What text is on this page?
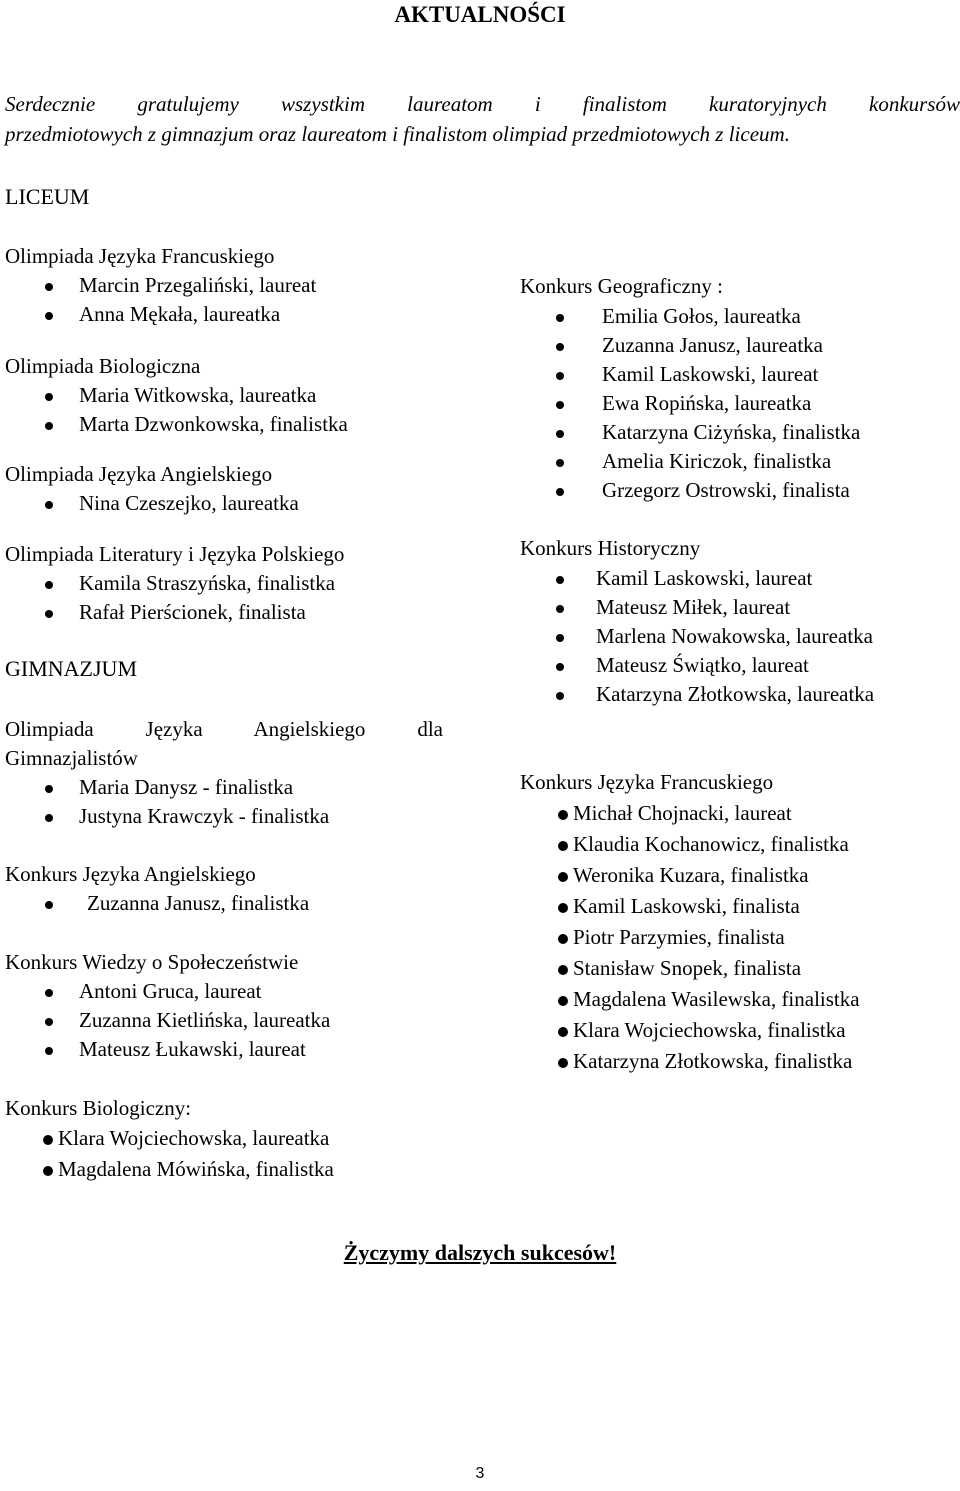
AKTUALNOŚCI
Serdecznie gratulujemy wszystkim laureatom i finalistom kuratoryjnych konkursów
przedmiotowych z gimnazjum oraz laureatom i finalistom olimpiad przedmiotowych z liceum.
LICEUM
Olimpiada Języka Francuskiego
Marcin Przegaliński, laureat
Anna Mękała, laureatka
Olimpiada Biologiczna
Maria Witkowska, laureatka
Marta Dzwonkowska, finalistka
Olimpiada Języka Angielskiego
Nina Czeszejko, laureatka
Olimpiada Literatury i Języka Polskiego
Kamila Straszyńska, finalistka
Rafał Pierścionek, finalista
GIMNAZJUM
Olimpiada Języka Angielskiego dla
Gimnazjalistów
Maria Danysz - finalistka
Justyna Krawczyk - finalistka
Konkurs Języka Angielskiego
Zuzanna Janusz, finalistka
Konkurs Wiedzy o Społeczeństwie
Antoni Gruca, laureat
Zuzanna Kietlińska, laureatka
Mateusz Łukawski, laureat
Konkurs Biologiczny:
Klara Wojciechowska, laureatka
Magdalena Mówińska, finalistka
Konkurs Geograficzny :
Emilia Gołos, laureatka
Zuzanna Janusz, laureatka
Kamil Laskowski, laureat
Ewa Ropińska, laureatka
Katarzyna Ciżyńska, finalistka
Amelia Kiriczok, finalistka
Grzegorz Ostrowski, finalista
Konkurs Historyczny
Kamil Laskowski, laureat
Mateusz Miłek, laureat
Marlena Nowakowska, laureatka
Mateusz Świątko, laureat
Katarzyna Złotkowska, laureatka
Konkurs Języka Francuskiego
Michał Chojnacki, laureat
Klaudia Kochanowicz, finalistka
Weronika Kuzara, finalistka
Kamil Laskowski, finalista
Piotr Parzymies, finalista
Stanisław Snopek, finalista
Magdalena Wasilewska, finalistka
Klara Wojciechowska, finalistka
Katarzyna Złotkowska, finalistka
Życzymy dalszych sukcesów!
3
